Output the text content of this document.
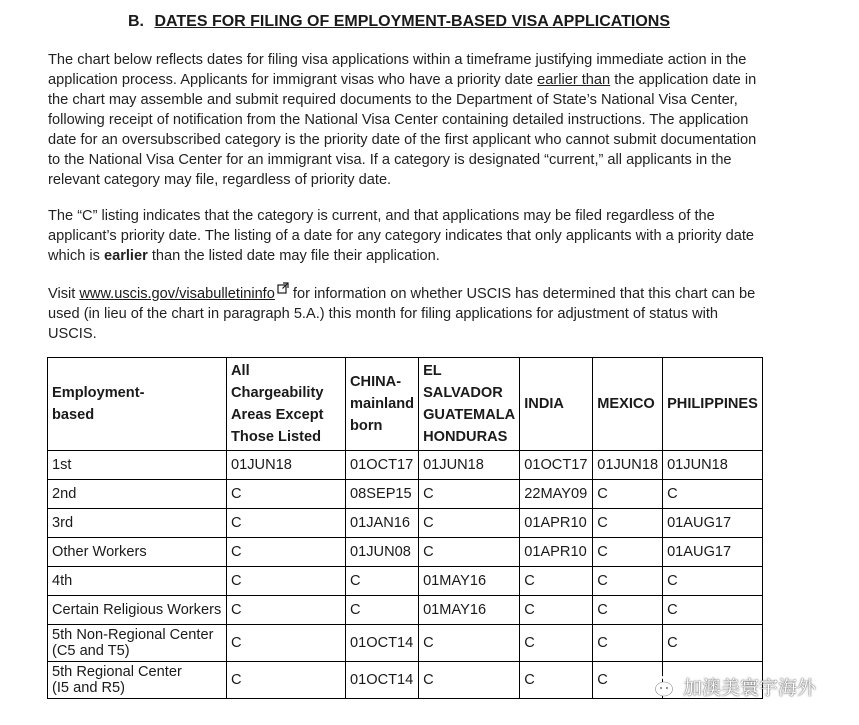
B. DATES FOR FILING OF EMPLOYMENT-BASED VISA APPLICATIONS
The chart below reflects dates for filing visa applications within a timeframe justifying immediate action in the application process. Applicants for immigrant visas who have a priority date earlier than the application date in the chart may assemble and submit required documents to the Department of State’s National Visa Center, following receipt of notification from the National Visa Center containing detailed instructions. The application date for an oversubscribed category is the priority date of the first applicant who cannot submit documentation to the National Visa Center for an immigrant visa. If a category is designated “current,” all applicants in the relevant category may file, regardless of priority date.
The “C” listing indicates that the category is current, and that applications may be filed regardless of the applicant’s priority date. The listing of a date for any category indicates that only applicants with a priority date which is earlier than the listed date may file their application.
Visit www.uscis.gov/visabulletininfo for information on whether USCIS has determined that this chart can be used (in lieu of the chart in paragraph 5.A.) this month for filing applications for adjustment of status with USCIS.
Employment-
based	All Chargeability
Areas Except
Those Listed	CHINA-
mainland
born	EL SALVADOR
GUATEMALA
HONDURAS	INDIA	MEXICO	PHILIPPINES
1st	01JUN18	01OCT17	01JUN18	01OCT17	01JUN18	01JUN18
2nd	C	08SEP15	C	22MAY09	C	C
3rd	C	01JAN16	C	01APR10	C	01AUG17
Other Workers	C	01JUN08	C	01APR10	C	01AUG17
4th	C	C	01MAY16	C	C	C
Certain Religious Workers	C	C	01MAY16	C	C	C
5th Non-Regional Center
(C5 and T5)	C	01OCT14	C	C	C	C
5th Regional Center
(I5 and R5)	C	01OCT14	C	C	C		加澳美寰宇海外
